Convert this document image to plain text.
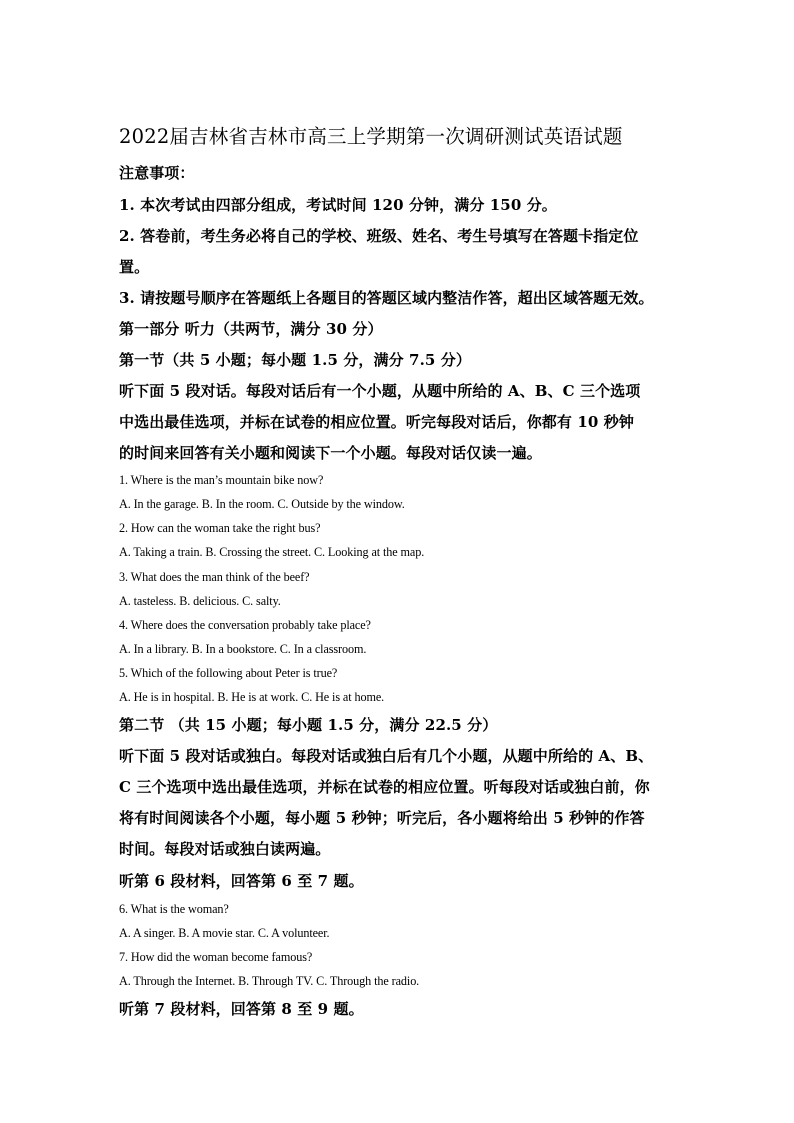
2022届吉林省吉林市高三上学期第一次调研测试英语试题
注意事项：
1. 本次考试由四部分组成，考试时间 120 分钟，满分 150 分。
2. 答卷前，考生务必将自己的学校、班级、姓名、考生号填写在答题卡指定位
置。
3. 请按题号顺序在答题纸上各题目的答题区域内整洁作答，超出区域答题无效。
第一部分 听力（共两节，满分 30 分）
第一节（共 5 小题；每小题 1.5 分，满分 7.5 分）
听下面 5 段对话。每段对话后有一个小题，从题中所给的 A、B、C 三个选项
中选出最佳选项，并标在试卷的相应位置。听完每段对话后，你都有 10 秒钟
的时间来回答有关小题和阅读下一个小题。每段对话仅读一遍。
1. Where is the man’s mountain bike now?
A. In the garage. B. In the room. C. Outside by the window.
2. How can the woman take the right bus?
A. Taking a train. B. Crossing the street. C. Looking at the map.
3. What does the man think of the beef?
A. tasteless. B. delicious. C. salty.
4. Where does the conversation probably take place?
A. In a library. B. In a bookstore. C. In a classroom.
5. Which of the following about Peter is true?
A. He is in hospital. B. He is at work. C. He is at home.
第二节 （共 15 小题；每小题 1.5 分，满分 22.5 分）
听下面 5 段对话或独白。每段对话或独白后有几个小题，从题中所给的 A、B、
C 三个选项中选出最佳选项，并标在试卷的相应位置。听每段对话或独白前，你
将有时间阅读各个小题，每小题 5 秒钟；听完后，各小题将给出 5 秒钟的作答
时间。每段对话或独白读两遍。
听第 6 段材料，回答第 6 至 7 题。
6. What is the woman?
A. A singer. B. A movie star. C. A volunteer.
7. How did the woman become famous?
A. Through the Internet. B. Through TV. C. Through the radio.
听第 7 段材料，回答第 8 至 9 题。
